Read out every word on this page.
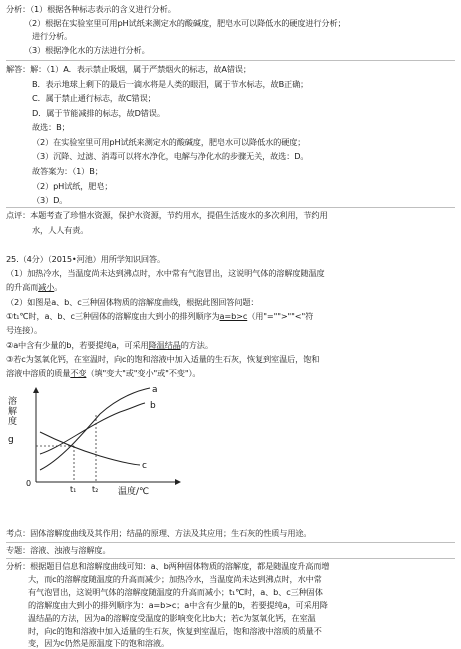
分析：（1）根据各种标志表示的含义进行分析。
（2）根据在实验室里可用pH试纸来测定水的酸碱度，肥皂水可以降低水的硬度进行分析；
进行分析。
（3）根据净化水的方法进行分析。
解答：解：（1）A．表示禁止吸烟，属于严禁烟火的标志，故A错误；
B．表示地球上剩下的最后一滴水将是人类的眼泪，属于节水标志，故B正确；
C．属于禁止通行标志，故C错误；
D．属于节能减排的标志，故D错误。
故选：B；
（2）在实验室里可用pH试纸来测定水的酸碱度，肥皂水可以降低水的硬度；
（3）沉降、过滤、消毒可以将水净化，电解与净化水的步骤无关，故选：D。
故答案为：（1）B；
（2）pH试纸，肥皂；
（3）D。
点评：本题考查了珍惜水资源，保护水资源，节约用水，提倡生活废水的多次利用，节约用
水，人人有责。
25.（4分）（2015•河池）用所学知识回答。
（1）加热冷水，当温度尚未达到沸点时，水中常有气泡冒出，这说明气体的溶解度随温度
的升高而减小。
（2）如图是a、b、c三种固体物质的溶解度曲线，根据此图回答问题：
①t₁℃时，a、b、c三种固体的溶解度由大到小的排列顺序为a=b>c（用"="">""<"符
号连接）。
②a中含有少量的b，若要提纯a，可采用降温结晶的方法。
③若c为氢氧化钙，在室温时，向c的饱和溶液中加入适量的生石灰，恢复到室温后，饱和
溶液中溶质的质量不变（填"变大"或"变小"或"不变"）。
溶解度 g
0
a
b
c
t₁ t₂ 温度/℃
考点：固体溶解度曲线及其作用；结晶的原理、方法及其应用；生石灰的性质与用途。
专题：溶液、浊液与溶解度。
分析：根据题目信息和溶解度曲线可知：a、b两种固体物质的溶解度，都是随温度升高而增
大，而c的溶解度随温度的升高而减少；加热冷水，当温度尚未达到沸点时，水中常
有气泡冒出，这说明气体的溶解度随温度的升高而减小；t₁℃时，a、b、c三种固体
的溶解度由大到小的排列顺序为：a=b>c；a中含有少量的b，若要提纯a，可采用降
温结晶的方法，因为a的溶解度受温度的影响变化比b大；若c为氢氧化钙，在室温
时，向c的饱和溶液中加入适量的生石灰，恢复到室温后，饱和溶液中溶质的质量不
变，因为c仍然是原温度下的饱和溶液。
